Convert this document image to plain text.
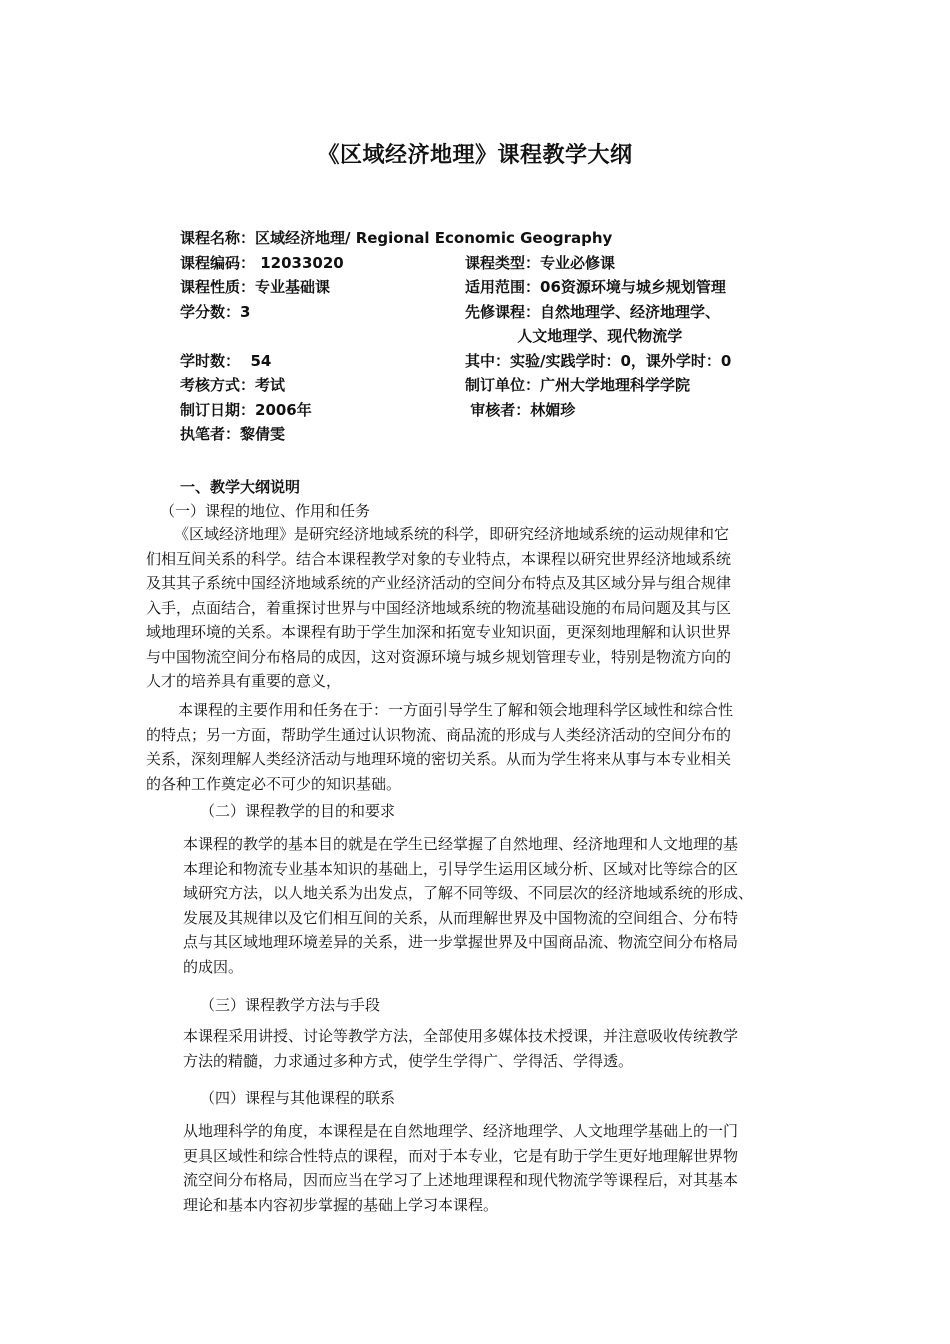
《区域经济地理》课程教学大纲
课程名称：区域经济地理/ Regional Economic Geography
课程编码： 12033020	课程类型：专业必修课
课程性质：专业基础课	适用范围：06资源环境与城乡规划管理
学分数：3	先修课程：自然地理学、经济地理学、
人文地理学、现代物流学
学时数：  54	其中：实验/实践学时：0，课外学时：0
考核方式：考试	制订单位：广州大学地理科学学院
制订日期：2006年	审核者：林媚珍
执笔者：黎倩雯
一、教学大纲说明
（一）课程的地位、作用和任务
《区域经济地理》是研究经济地域系统的科学，即研究经济地域系统的运动规律和它
们相互间关系的科学。结合本课程教学对象的专业特点，本课程以研究世界经济地域系统
及其其子系统中国经济地域系统的产业经济活动的空间分布特点及其区域分异与组合规律
入手，点面结合，着重探讨世界与中国经济地域系统的物流基础设施的布局问题及其与区
域地理环境的关系。本课程有助于学生加深和拓宽专业知识面，更深刻地理解和认识世界
与中国物流空间分布格局的成因，这对资源环境与城乡规划管理专业，特别是物流方向的
人才的培养具有重要的意义，
本课程的主要作用和任务在于：一方面引导学生了解和领会地理科学区域性和综合性
的特点；另一方面，帮助学生通过认识物流、商品流的形成与人类经济活动的空间分布的
关系，深刻理解人类经济活动与地理环境的密切关系。从而为学生将来从事与本专业相关
的各种工作奠定必不可少的知识基础。
（二）课程教学的目的和要求
本课程的教学的基本目的就是在学生已经掌握了自然地理、经济地理和人文地理的基
本理论和物流专业基本知识的基础上，引导学生运用区域分析、区域对比等综合的区
域研究方法，以人地关系为出发点，了解不同等级、不同层次的经济地域系统的形成、
发展及其规律以及它们相互间的关系，从而理解世界及中国物流的空间组合、分布特
点与其区域地理环境差异的关系，进一步掌握世界及中国商品流、物流空间分布格局
的成因。
（三）课程教学方法与手段
本课程采用讲授、讨论等教学方法，全部使用多媒体技术授课，并注意吸收传统教学
方法的精髓，力求通过多种方式，使学生学得广、学得活、学得透。
（四）课程与其他课程的联系
从地理科学的角度，本课程是在自然地理学、经济地理学、人文地理学基础上的一门
更具区域性和综合性特点的课程，而对于本专业，它是有助于学生更好地理解世界物
流空间分布格局，因而应当在学习了上述地理课程和现代物流学等课程后，对其基本
理论和基本内容初步掌握的基础上学习本课程。
